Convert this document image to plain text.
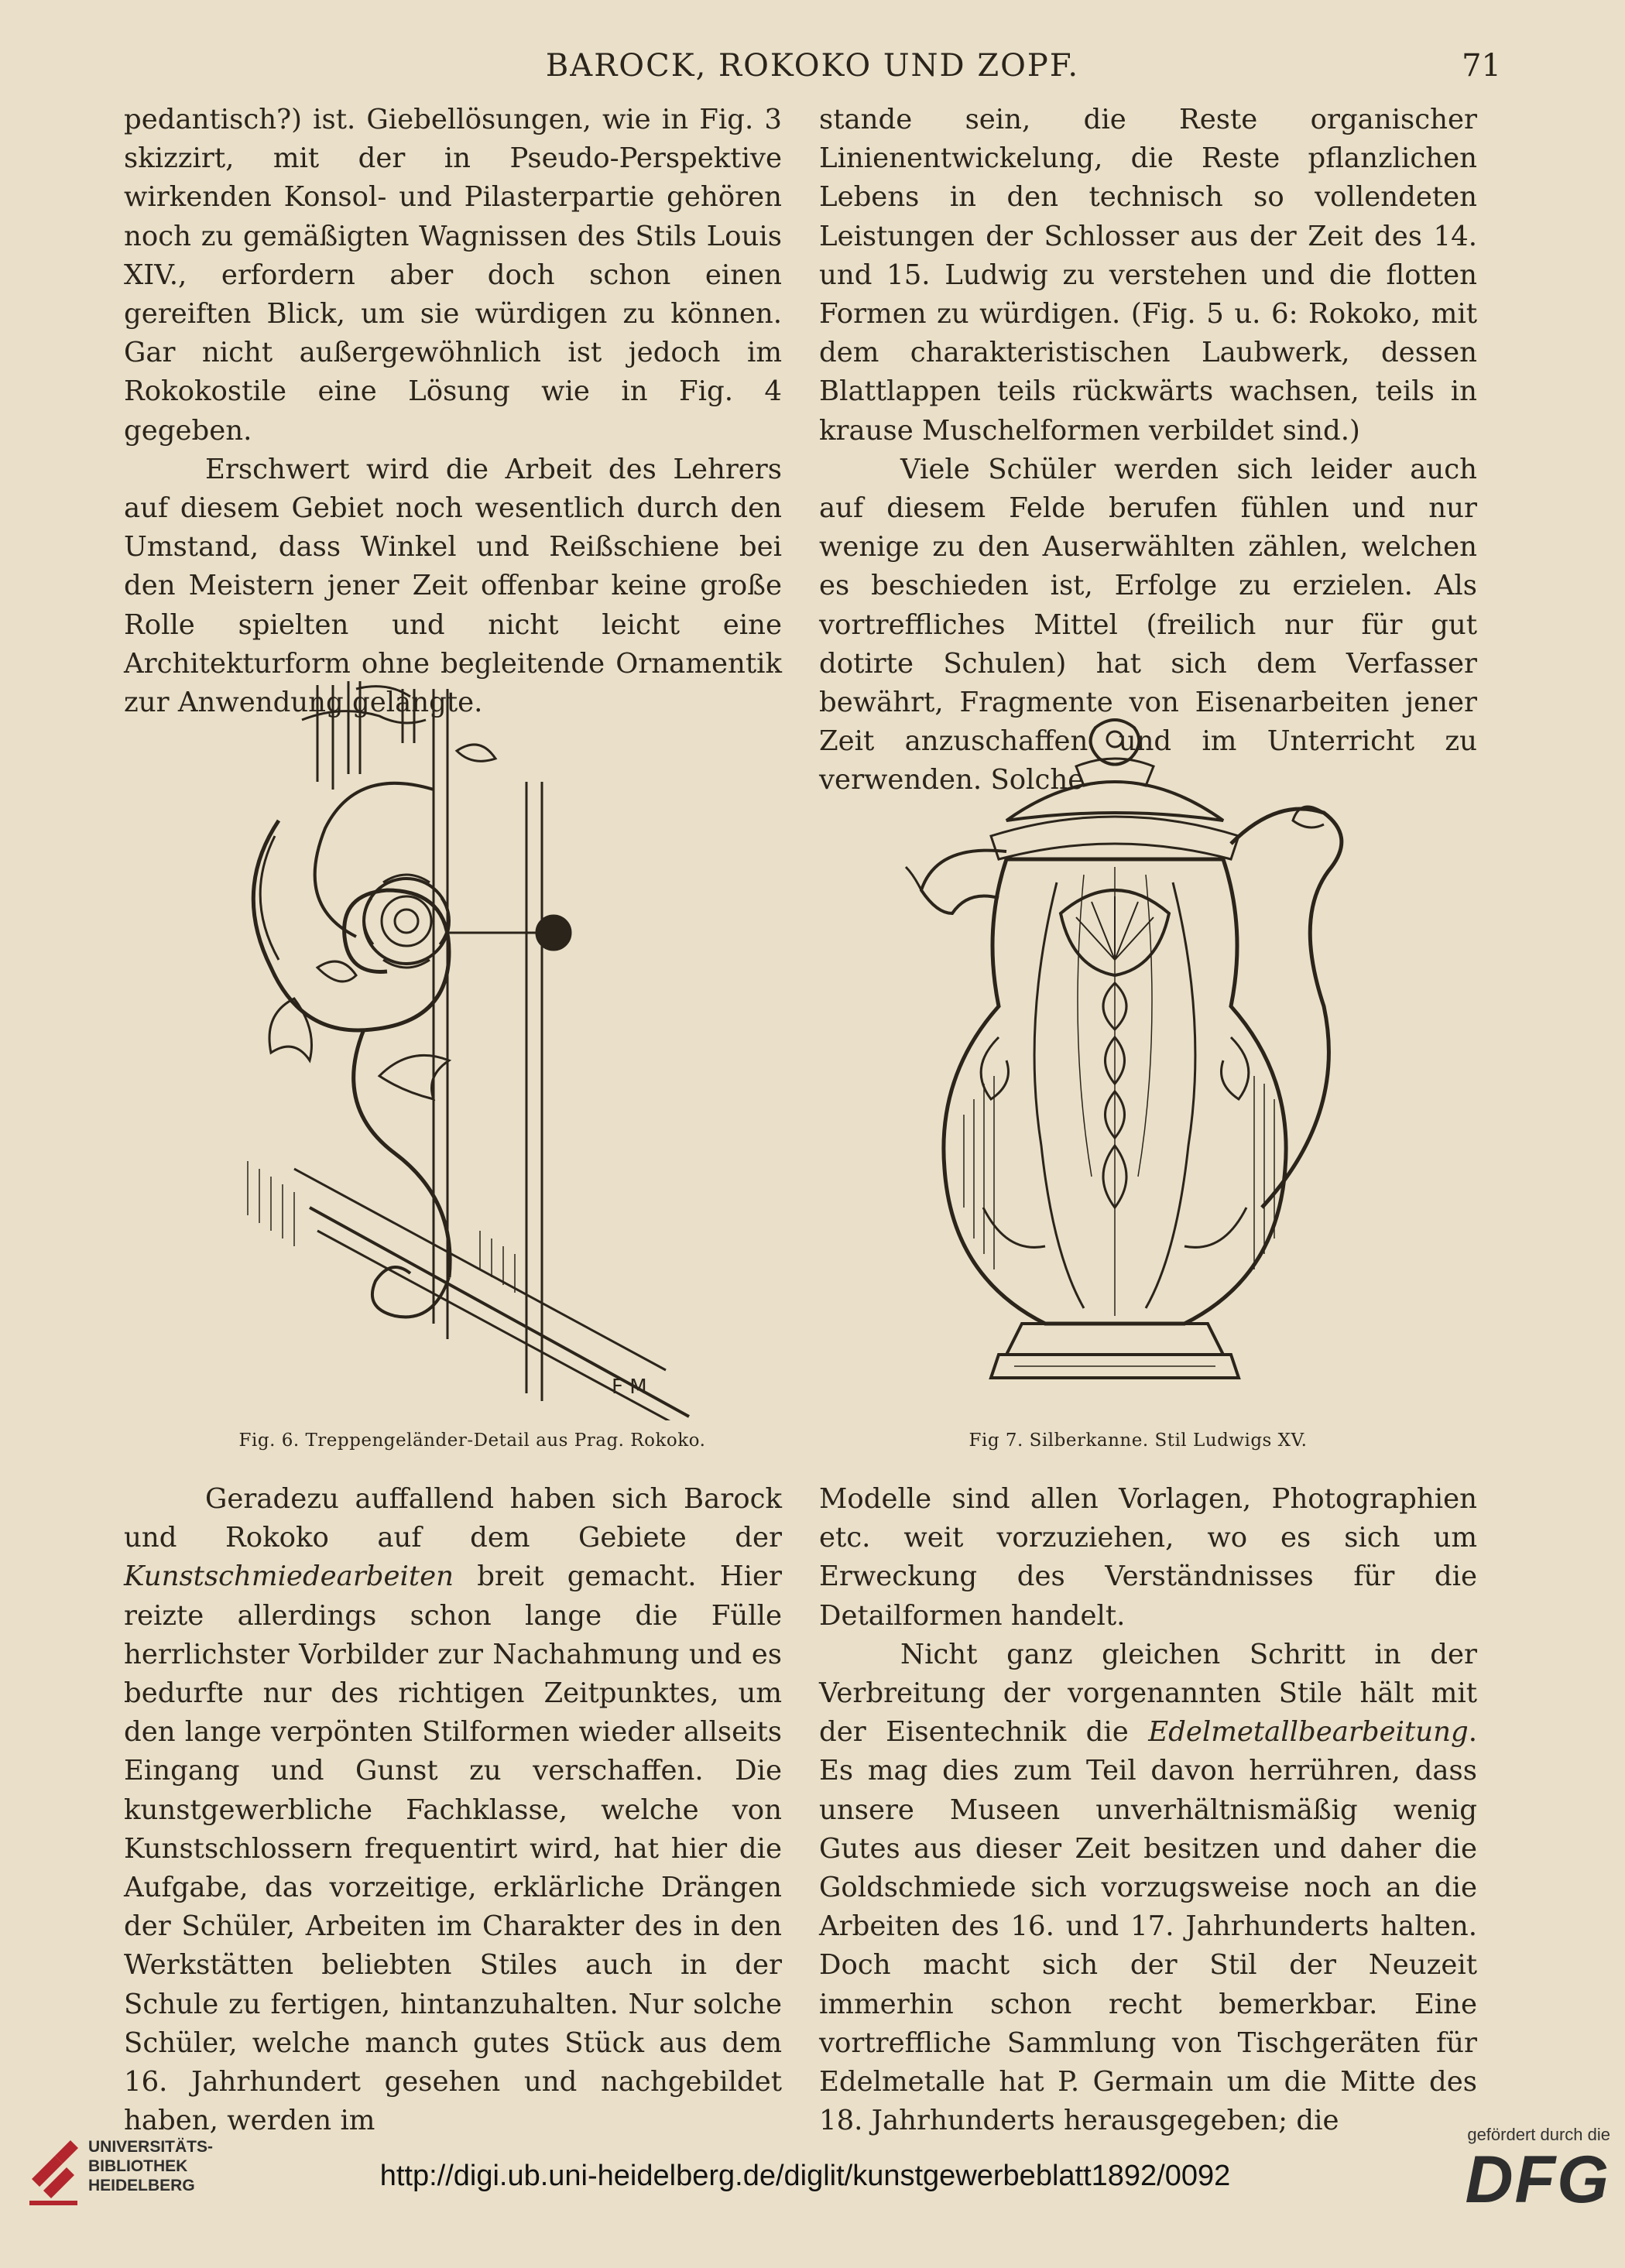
BAROCK, ROKOKO UND ZOPF.	71

pedantisch?) ist. Giebellösungen, wie in Fig. 3 skizzirt, mit der in Pseudo-Perspektive wirkenden Konsol- und Pilasterpartie gehören noch zu gemäßigten Wagnissen des Stils Louis XIV., erfordern aber doch schon einen gereiften Blick, um sie würdigen zu können. Gar nicht außergewöhnlich ist jedoch im Rokokostile eine Lösung wie in Fig. 4 gegeben.

Erschwert wird die Arbeit des Lehrers auf diesem Gebiet noch wesentlich durch den Umstand, dass Winkel und Reißschiene bei den Meistern jener Zeit offenbar keine große Rolle spielten und nicht leicht eine Architekturform ohne begleitende Ornamentik zur Anwendung gelangte.

stande sein, die Reste organischer Linienentwickelung, die Reste pflanzlichen Lebens in den technisch so vollendeten Leistungen der Schlosser aus der Zeit des 14. und 15. Ludwig zu verstehen und die flotten Formen zu würdigen. (Fig. 5 u. 6: Rokoko, mit dem charakteristischen Laubwerk, dessen Blattlappen teils rückwärts wachsen, teils in krause Muschelformen verbildet sind.)

Viele Schüler werden sich leider auch auf diesem Felde berufen fühlen und nur wenige zu den Auserwählten zählen, welchen es beschieden ist, Erfolge zu erzielen. Als vortreffliches Mittel (freilich nur für gut dotirte Schulen) hat sich dem Verfasser bewährt, Fragmente von Eisenarbeiten jener Zeit anzuschaffen und im Unterricht zu verwenden. Solche

F M
Fig. 6. Treppengeländer-Detail aus Prag. Rokoko.	Fig 7. Silberkanne. Stil Ludwigs XV.

Geradezu auffallend haben sich Barock und Rokoko auf dem Gebiete der Kunstschmiedearbeiten breit gemacht. Hier reizte allerdings schon lange die Fülle herrlichster Vorbilder zur Nachahmung und es bedurfte nur des richtigen Zeitpunktes, um den lange verpönten Stilformen wieder allseits Eingang und Gunst zu verschaffen. Die kunstgewerbliche Fachklasse, welche von Kunstschlossern frequentirt wird, hat hier die Aufgabe, das vorzeitige, erklärliche Drängen der Schüler, Arbeiten im Charakter des in den Werkstätten beliebten Stiles auch in der Schule zu fertigen, hintanzuhalten. Nur solche Schüler, welche manch gutes Stück aus dem 16. Jahrhundert gesehen und nachgebildet haben, werden im

Modelle sind allen Vorlagen, Photographien etc. weit vorzuziehen, wo es sich um Erweckung des Verständnisses für die Detailformen handelt.

Nicht ganz gleichen Schritt in der Verbreitung der vorgenannten Stile hält mit der Eisentechnik die Edelmetallbearbeitung. Es mag dies zum Teil davon herrühren, dass unsere Museen unverhältnismäßig wenig Gutes aus dieser Zeit besitzen und daher die Goldschmiede sich vorzugsweise noch an die Arbeiten des 16. und 17. Jahrhunderts halten. Doch macht sich der Stil der Neuzeit immerhin schon recht bemerkbar. Eine vortreffliche Sammlung von Tischgeräten für Edelmetalle hat P. Germain um die Mitte des 18. Jahrhunderts herausgegeben; die

UNIVERSITÄTS-
BIBLIOTHEK
HEIDELBERG	http://digi.ub.uni-heidelberg.de/diglit/kunstgewerbeblatt1892/0092
gefördert durch die
DFG
